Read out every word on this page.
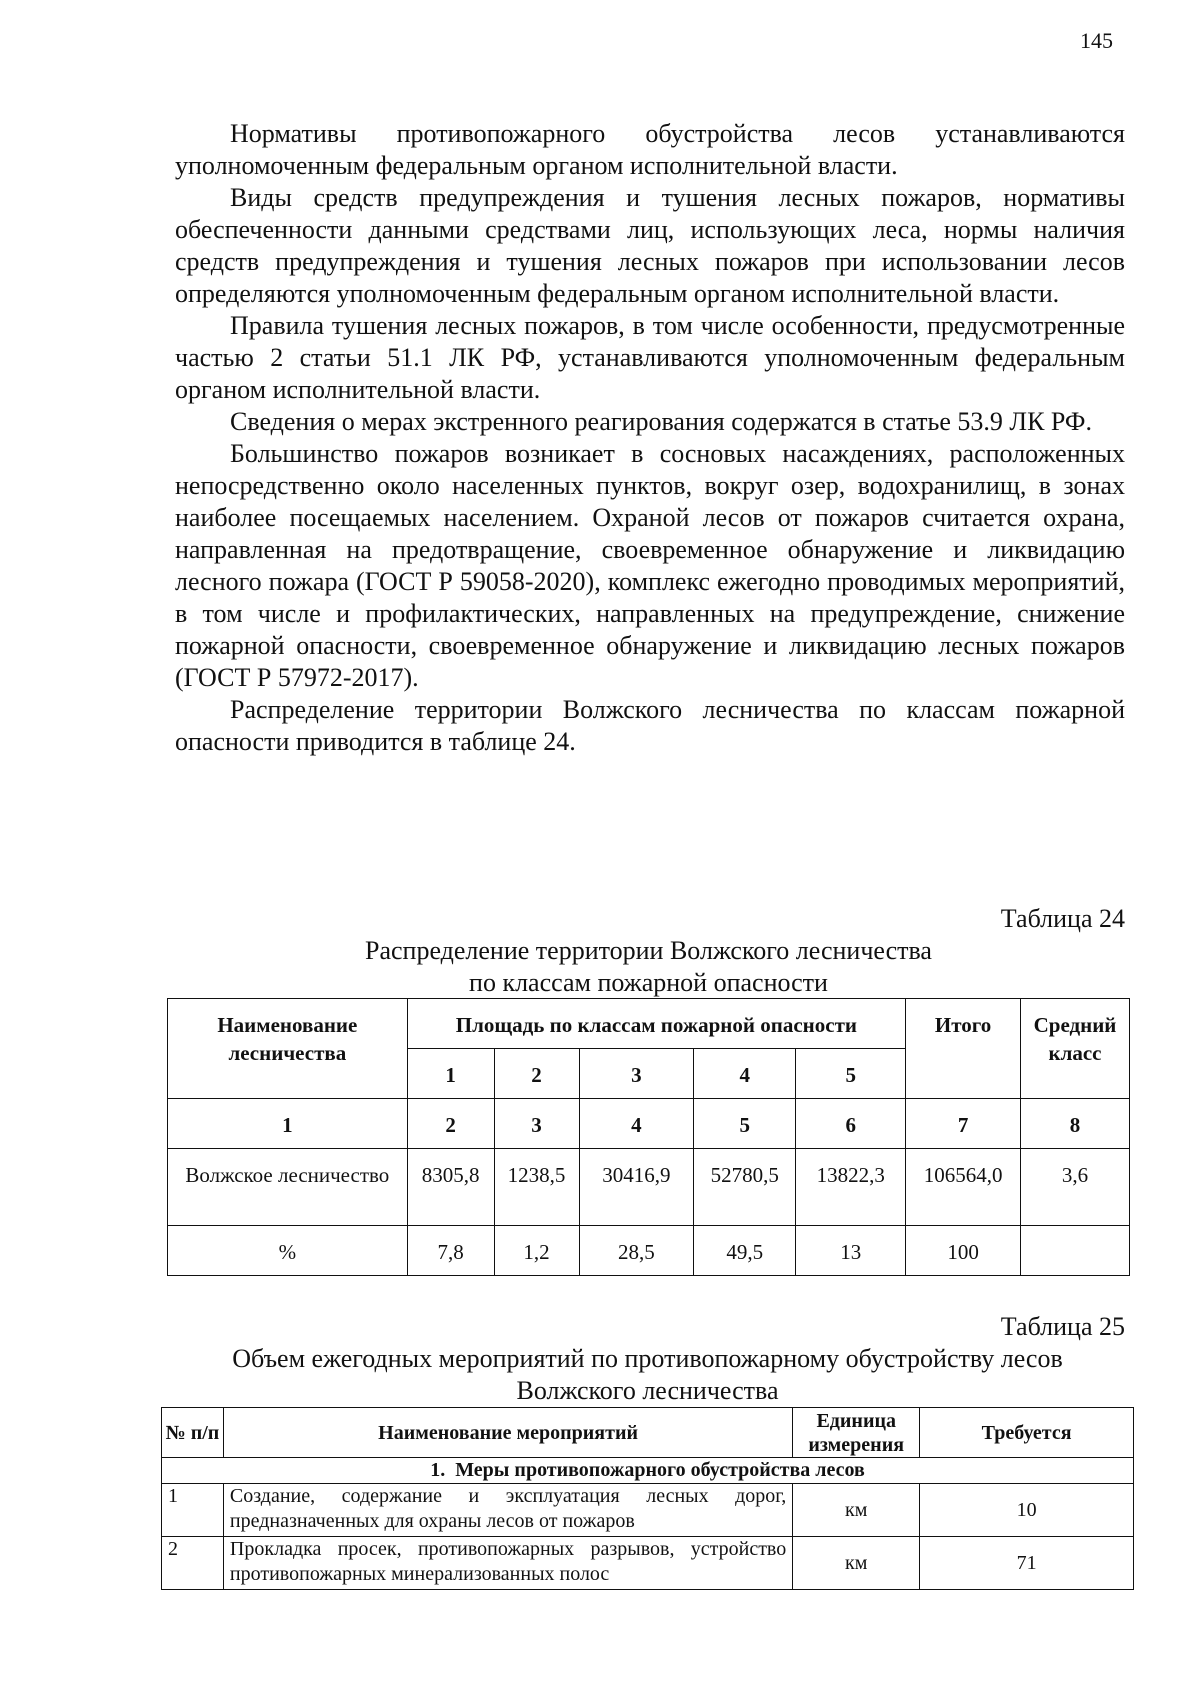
145

Нормативы противопожарного обустройства лесов устанавливаются уполномоченным федеральным органом исполнительной власти.

Виды средств предупреждения и тушения лесных пожаров, нормативы обеспеченности данными средствами лиц, использующих леса, нормы наличия средств предупреждения и тушения лесных пожаров при использовании лесов определяются уполномоченным федеральным органом исполнительной власти.

Правила тушения лесных пожаров, в том числе особенности, предусмотренные частью 2 статьи 51.1 ЛК РФ, устанавливаются уполномоченным федеральным органом исполнительной власти.

Сведения о мерах экстренного реагирования содержатся в статье 53.9 ЛК РФ.

Большинство пожаров возникает в сосновых насаждениях, расположенных непосредственно около населенных пунктов, вокруг озер, водохранилищ, в зонах наиболее посещаемых населением. Охраной лесов от пожаров считается охрана, направленная на предотвращение, своевременное обнаружение и ликвидацию лесного пожара (ГОСТ Р 59058-2020), комплекс ежегодно проводимых мероприятий, в том числе и профилактических, направленных на предупреждение, снижение пожарной опасности, своевременное обнаружение и ликвидацию лесных пожаров (ГОСТ Р 57972-2017).

Распределение территории Волжского лесничества по классам пожарной опасности приводится в таблице 24.

Таблица 24
Распределение территории Волжского лесничества
по классам пожарной опасности
Наименование лесничества	Площадь по классам пожарной опасности					Итого	Средний класс
	1	2	3	4	5		
1	2	3	4	5	6	7	8
Волжское лесничество	8305,8	1238,5	30416,9	52780,5	13822,3	106564,0	3,6
%	7,8	1,2	28,5	49,5	13	100	
Таблица 25
Объем ежегодных мероприятий по противопожарному обустройству лесов
Волжского лесничества
№ п/п	Наименование мероприятий	Единица измерения	Требуется
1.  Меры противопожарного обустройства лесов			
1	Создание, содержание и эксплуатация лесных дорог, предназначенных для охраны лесов от пожаров	км	10
2	Прокладка просек, противопожарных разрывов, устройство противопожарных минерализованных полос	км	71
